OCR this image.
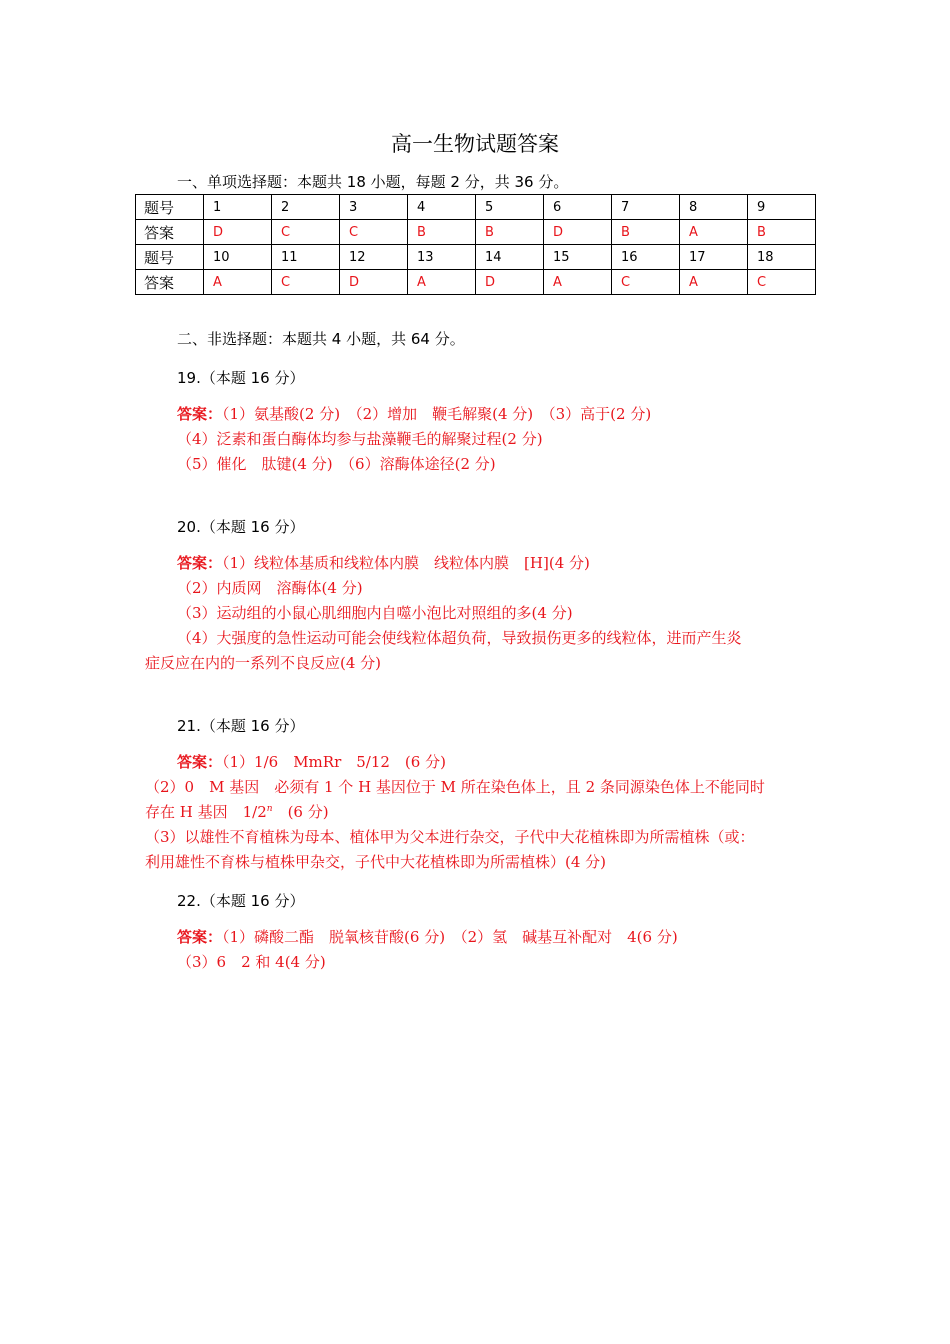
高一生物试题答案
一、单项选择题：本题共 18 小题，每题 2 分，共 36 分。
题号	1	2	3	4	5	6	7	8	9
答案	D	C	C	B	B	D	B	A	B
题号	10	11	12	13	14	15	16	17	18
答案	A	C	D	A	D	A	C	A	C
二、非选择题：本题共 4 小题，共 64 分。
19.（本题 16 分）
答案：（1）氨基酸(2 分)　（2）增加　鞭毛解聚(4 分)　（3）高于(2 分)
（4）泛素和蛋白酶体均参与盐藻鞭毛的解聚过程(2 分)
（5）催化　肽键(4 分)　（6）溶酶体途径(2 分)
20.（本题 16 分）
答案：（1）线粒体基质和线粒体内膜　线粒体内膜　[H](4 分)
（2）内质网　溶酶体(4 分)
（3）运动组的小鼠心肌细胞内自噬小泡比对照组的多(4 分)
（4）大强度的急性运动可能会使线粒体超负荷，导致损伤更多的线粒体，进而产生炎
症反应在内的一系列不良反应(4 分)
21.（本题 16 分）
答案：（1）1/6　MmRr　5/12　(6 分)
（2）0　M 基因　必须有 1 个 H 基因位于 M 所在染色体上，且 2 条同源染色体上不能同时
存在 H 基因　1/2$^n$　(6 分)
（3）以雄性不育植株为母本、植体甲为父本进行杂交，子代中大花植株即为所需植株（或：
利用雄性不育株与植株甲杂交，子代中大花植株即为所需植株）(4 分)
22.（本题 16 分）
答案：（1）磷酸二酯　脱氧核苷酸(6 分)　（2）氢　碱基互补配对　4(6 分)
（3）6　2 和 4(4 分)
